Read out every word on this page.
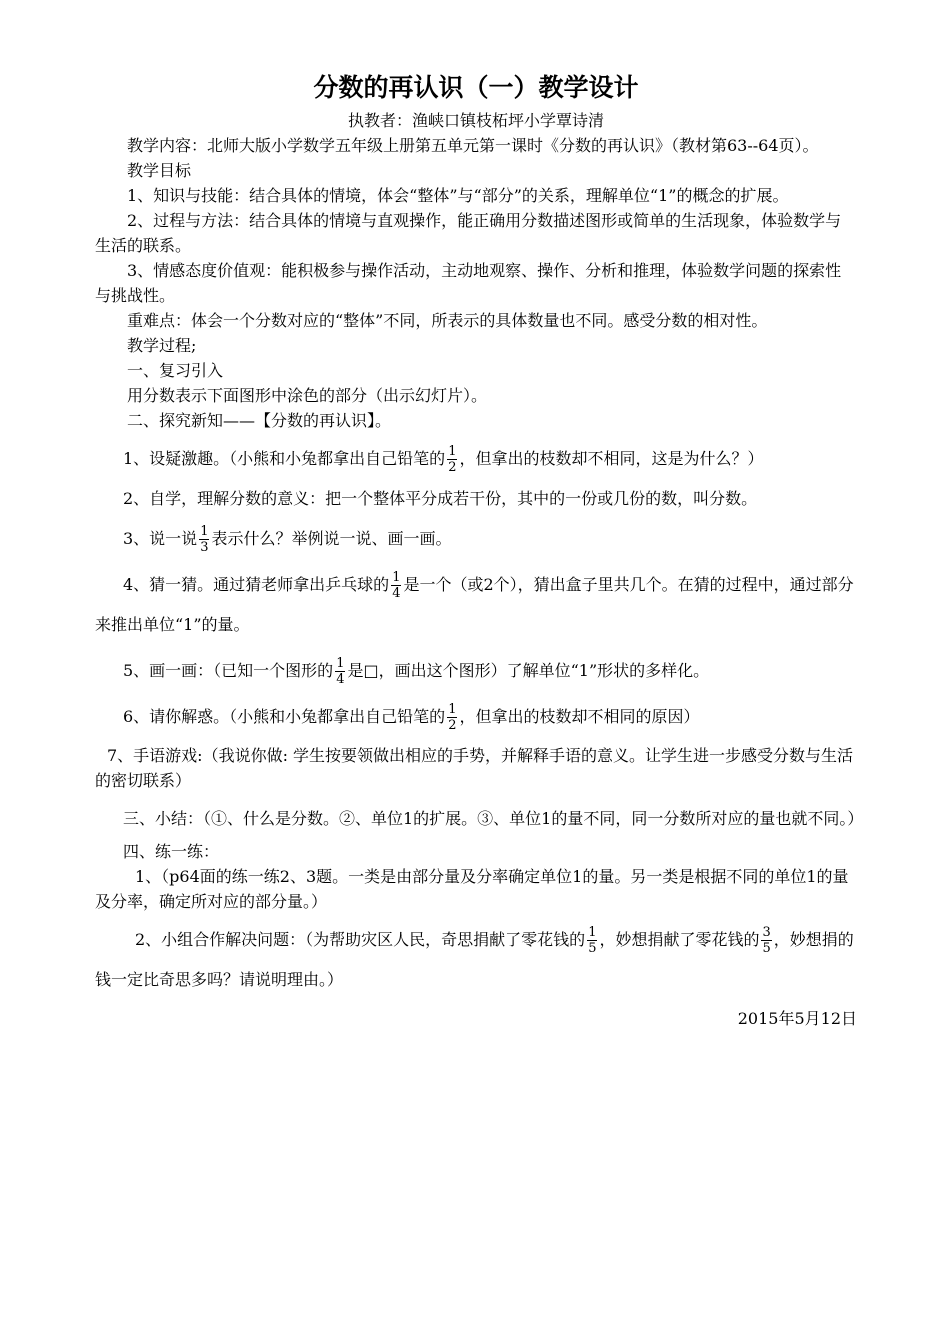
分数的再认识（一）教学设计

执教者：渔峡口镇枝柘坪小学覃诗清

教学内容：北师大版小学数学五年级上册第五单元第一课时《分数的再认识》（教材第63--64页）。

教学目标

1、知识与技能：结合具体的情境，体会“整体”与“部分”的关系，理解单位“1”的概念的扩展。

2、过程与方法：结合具体的情境与直观操作，能正确用分数描述图形或简单的生活现象，体验数学与生活的联系。

3、情感态度价值观：能积极参与操作活动，主动地观察、操作、分析和推理，体验数学问题的探索性与挑战性。

重难点：体会一个分数对应的“整体”不同，所表示的具体数量也不同。感受分数的相对性。

教学过程;

一、复习引入

用分数表示下面图形中涂色的部分（出示幻灯片）。

二、探究新知——【分数的再认识】。

1、设疑激趣。（小熊和小兔都拿出自己铅笔的 $\frac{1}{2}$ ，但拿出的枝数却不相同，这是为什么？）

2、自学，理解分数的意义：把一个整体平分成若干份，其中的一份或几份的数，叫分数。

3、说一说 $\frac{1}{3}$ 表示什么？举例说一说、画一画。

4、猜一猜。通过猜老师拿出乒乓球的 $\frac{1}{4}$ 是一个（或2个），猜出盒子里共几个。在猜的过程中，通过部分来推出单位“1”的量。

5、画一画：（已知一个图形的 $\frac{1}{4}$ 是□，画出这个图形）了解单位“1”形状的多样化。

6、请你解惑。（小熊和小兔都拿出自己铅笔的 $\frac{1}{2}$ ，但拿出的枝数却不相同的原因）

7、手语游戏:（我说你做: 学生按要领做出相应的手势，并解释手语的意义。让学生进一步感受分数与生活的密切联系）

三、小结：（①、什么是分数。②、单位1的扩展。③、单位1的量不同，同一分数所对应的量也就不同。）

四、练一练：

1、（p64面的练一练2、3题。一类是由部分量及分率确定单位1的量。另一类是根据不同的单位1的量及分率，确定所对应的部分量。）

2、小组合作解决问题：（为帮助灾区人民，奇思捐献了零花钱的 $\frac{1}{5}$ ，妙想捐献了零花钱的 $\frac{3}{5}$ ，妙想捐的钱一定比奇思多吗？请说明理由。）

2015年5月12日
